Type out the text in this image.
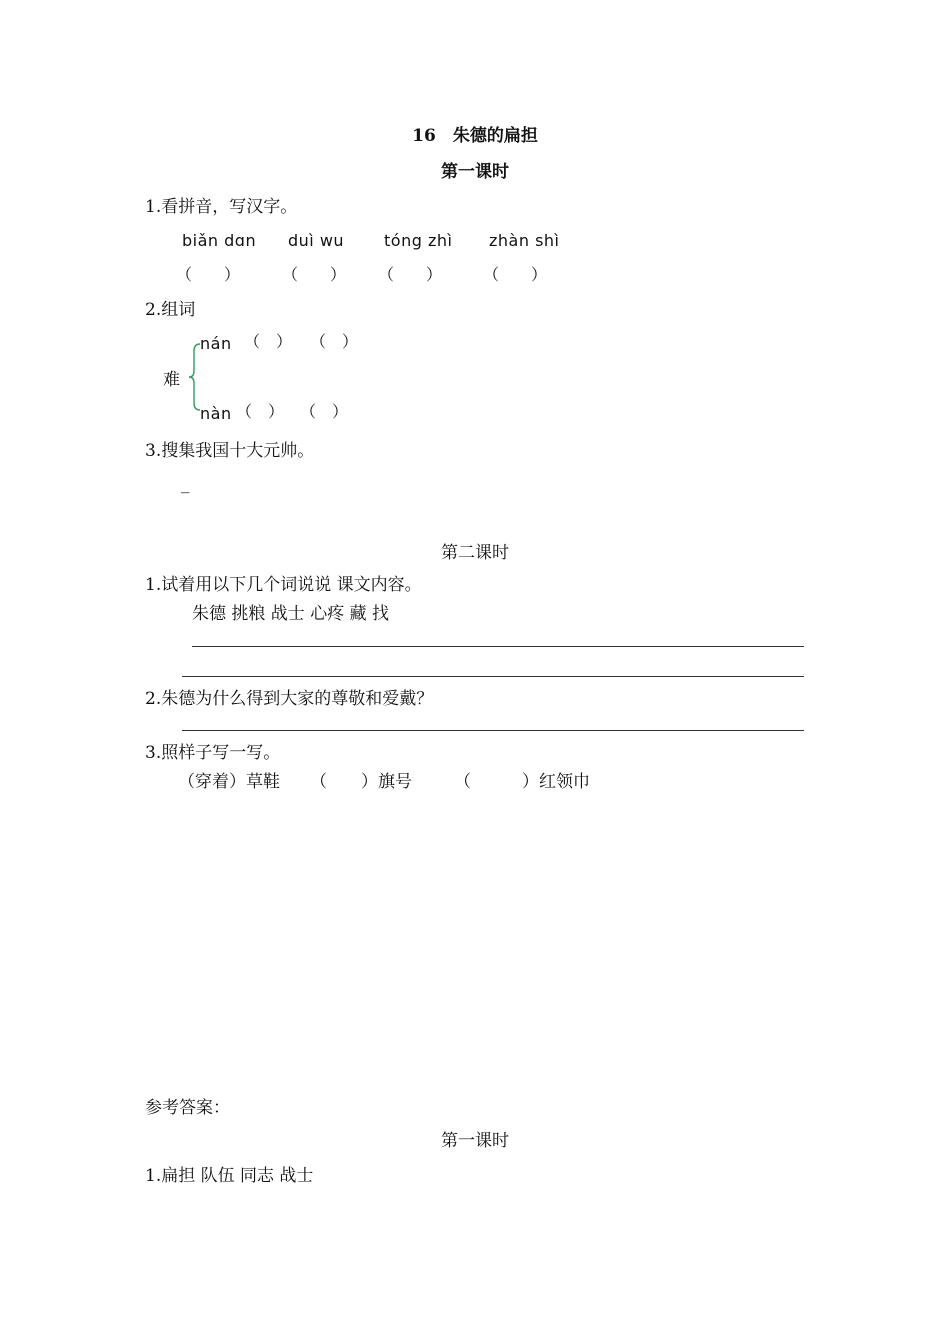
16　朱德的扁担
第一课时
1.看拼音，写汉字。
biǎn dɑn duì wu tóng zhì zhàn shì
（　　）	（　　） （　　）	（　　）
2.组词
nán （　） （　）
难
nàn （　） （　）
3.搜集我国十大元帅。
_
第二课时
1.试着用以下几个词说说 课文内容。
朱德 挑粮 战士 心疼 藏 找
2.朱德为什么得到大家的尊敬和爱戴？
3.照样子写一写。
（穿着）草鞋 （　　）旗号 （　　　）红领巾
参考答案：
第一课时
1.扁担 队伍 同志 战士
